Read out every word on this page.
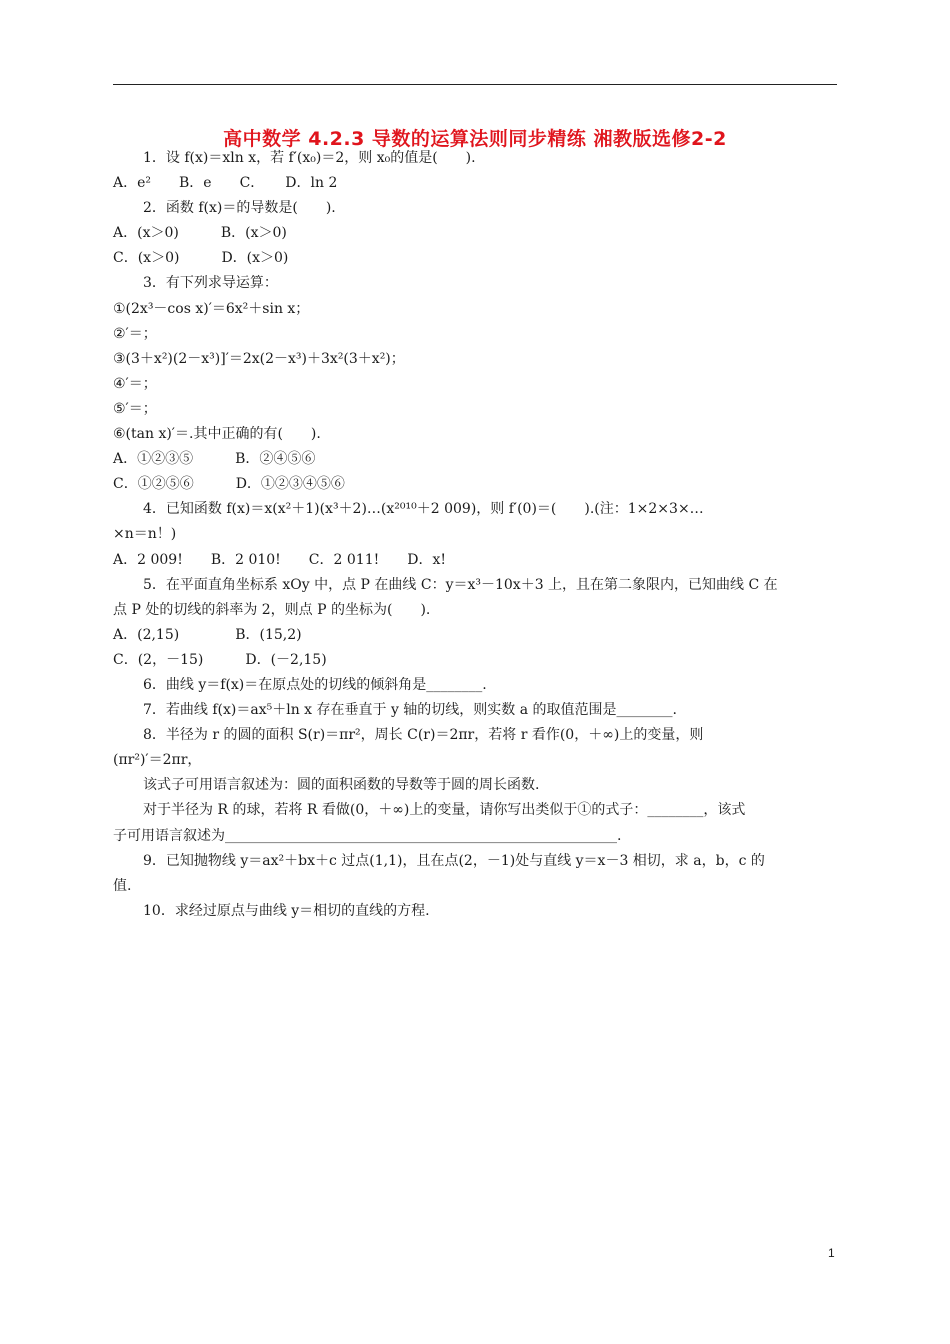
高中数学 4.2.3 导数的运算法则同步精练 湘教版选修2-2
1．设 f(x)＝xln x，若 f′(x₀)＝2，则 x₀的值是(　　).
A．e²　　B．e　　C．　　D．ln 2
2．函数 f(x)＝的导数是(　　).
A．(x＞0)　　　B．(x＞0)
C．(x＞0)　　　D．(x＞0)
3．有下列求导运算：
①(2x³－cos x)′＝6x²＋sin x；
②′＝；
③(3＋x²)(2－x³)]′＝2x(2－x³)＋3x²(3＋x²)；
④′＝；
⑤′＝；
⑥(tan x)′＝.其中正确的有(　　).
A．①②③⑤　　　B．②④⑤⑥
C．①②⑤⑥　　　D．①②③④⑤⑥
4．已知函数 f(x)＝x(x²＋1)(x³＋2)…(x²⁰¹⁰＋2 009)，则 f′(0)＝(　　).(注：1×2×3×…
×n＝n！)
A．2 009!　　B．2 010!　　C．2 011!　　D．x!
5．在平面直角坐标系 xOy 中，点 P 在曲线 C：y＝x³－10x＋3 上，且在第二象限内，已知曲线 C 在
点 P 处的切线的斜率为 2，则点 P 的坐标为(　　).
A．(2,15)　　　　B．(15,2)
C．(2，－15)　　　D．(－2,15)
6．曲线 y＝f(x)＝在原点处的切线的倾斜角是________.
7．若曲线 f(x)＝ax⁵＋ln x 存在垂直于 y 轴的切线，则实数 a 的取值范围是________.
8．半径为 r 的圆的面积 S(r)＝πr²，周长 C(r)＝2πr，若将 r 看作(0，＋∞)上的变量，则
(πr²)′＝2πr，
该式子可用语言叙述为：圆的面积函数的导数等于圆的周长函数.
对于半径为 R 的球，若将 R 看做(0，＋∞)上的变量，请你写出类似于①的式子：________，该式
子可用语言叙述为________________________________________________________.
9．已知抛物线 y＝ax²＋bx＋c 过点(1,1)，且在点(2，－1)处与直线 y＝x－3 相切，求 a，b，c 的
值.
10．求经过原点与曲线 y＝相切的直线的方程.
1
